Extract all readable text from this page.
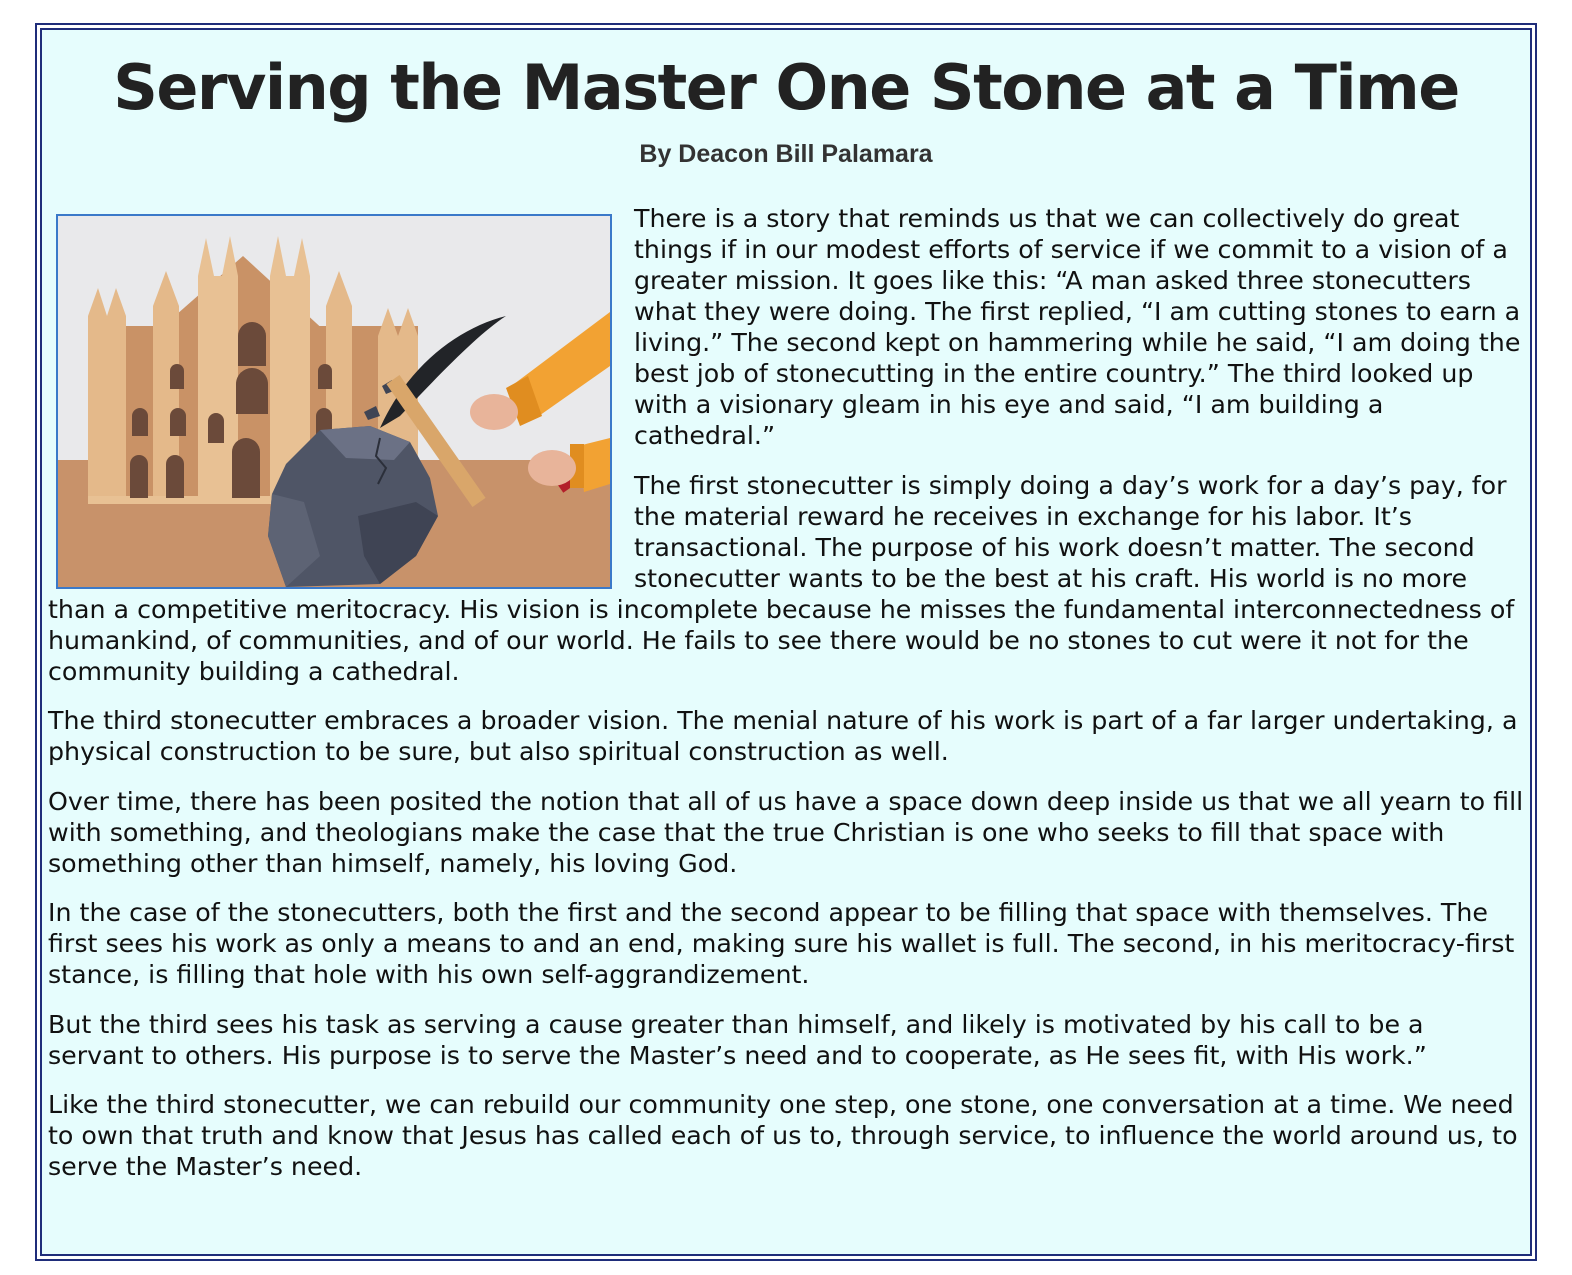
Serving the Master One Stone at a Time

By Deacon Bill Palamara

There is a story that reminds us that we can collectively do great things if in our modest efforts of service if we commit to a vision of a greater mission. It goes like this: “A man asked three stonecutters what they were doing. The first replied, “I am cutting stones to earn a living.” The second kept on hammering while he said, “I am doing the best job of stonecutting in the entire country.” The third looked up with a visionary gleam in his eye and said, “I am building a cathedral.”

The first stonecutter is simply doing a day’s work for a day’s pay, for the material reward he receives in exchange for his labor. It’s transactional. The purpose of his work doesn’t matter. The second stonecutter wants to be the best at his craft. His world is no more than a competitive meritocracy. His vision is incomplete because he misses the fundamental interconnectedness of humankind, of communities, and of our world. He fails to see there would be no stones to cut were it not for the community building a cathedral.

The third stonecutter embraces a broader vision. The menial nature of his work is part of a far larger undertaking, a physical construction to be sure, but also spiritual construction as well.

Over time, there has been posited the notion that all of us have a space down deep inside us that we all yearn to fill with something, and theologians make the case that the true Christian is one who seeks to fill that space with something other than himself, namely, his loving God.

In the case of the stonecutters, both the first and the second appear to be filling that space with themselves. The first sees his work as only a means to and an end, making sure his wallet is full. The second, in his meritocracy-first stance, is filling that hole with his own self-aggrandizement.

But the third sees his task as serving a cause greater than himself, and likely is motivated by his call to be a servant to others. His purpose is to serve the Master’s need and to cooperate, as He sees fit, with His work.”

Like the third stonecutter, we can rebuild our community one step, one stone, one conversation at a time. We need to own that truth and know that Jesus has called each of us to, through service, to influence the world around us, to serve the Master’s need.
